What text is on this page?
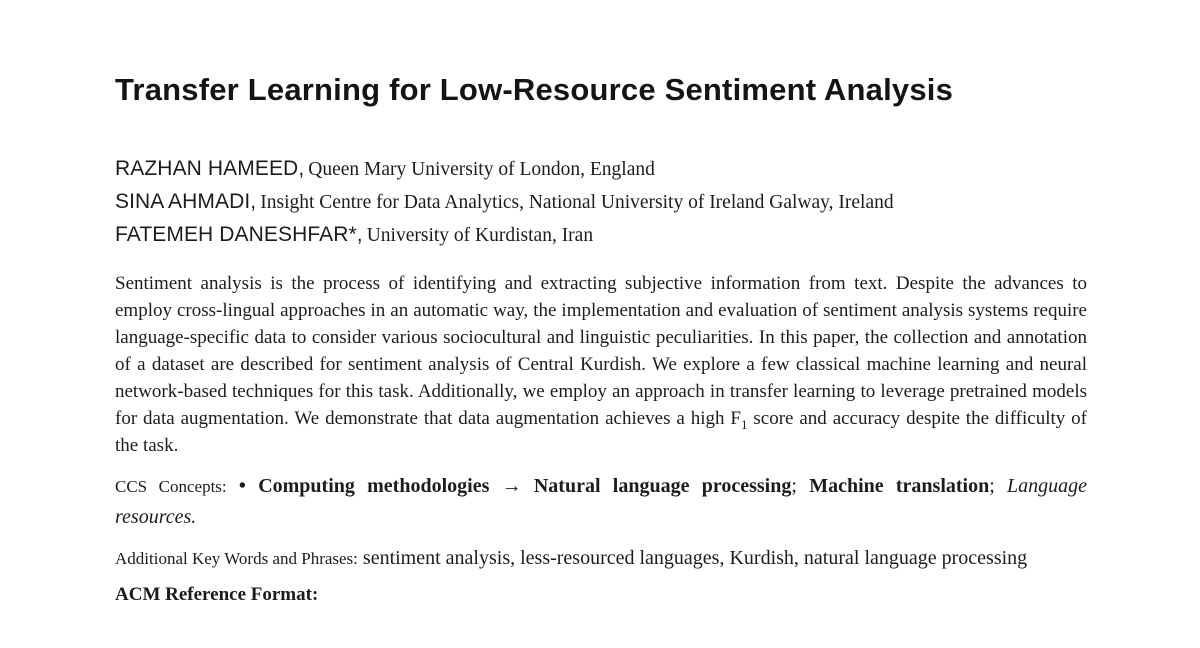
Transfer Learning for Low-Resource Sentiment Analysis
RAZHAN HAMEED, Queen Mary University of London, England
SINA AHMADI, Insight Centre for Data Analytics, National University of Ireland Galway, Ireland
FATEMEH DANESHFAR*, University of Kurdistan, Iran

Sentiment analysis is the process of identifying and extracting subjective information from text. Despite the advances to employ cross-lingual approaches in an automatic way, the implementation and evaluation of sentiment analysis systems require language-specific data to consider various sociocultural and linguistic peculiarities. In this paper, the collection and annotation of a dataset are described for sentiment analysis of Central Kurdish. We explore a few classical machine learning and neural network-based techniques for this task. Additionally, we employ an approach in transfer learning to leverage pretrained models for data augmentation. We demonstrate that data augmentation achieves a high $F_1$ score and accuracy despite the difficulty of the task.

CCS Concepts: • Computing methodologies → Natural language processing; Machine translation; Language resources.

Additional Key Words and Phrases: sentiment analysis, less-resourced languages, Kurdish, natural language processing

ACM Reference Format:
